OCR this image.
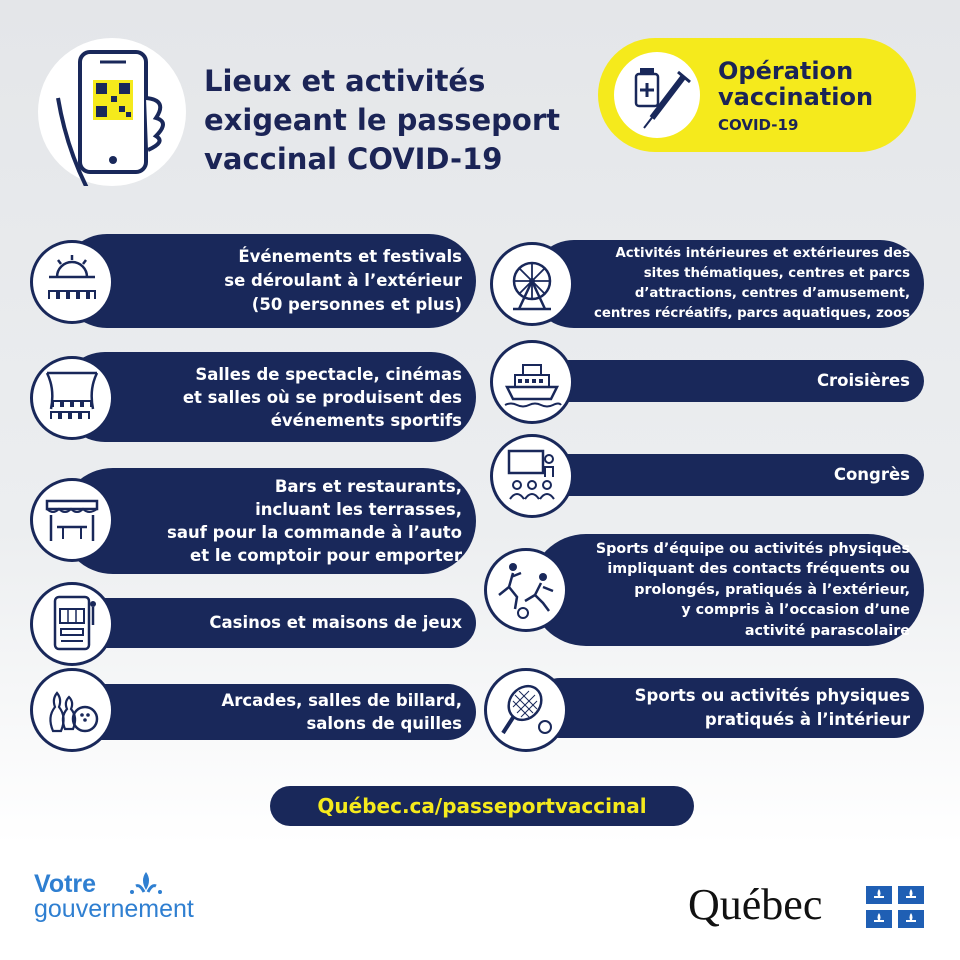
Lieux et activités
exigeant le passeport
vaccinal COVID-19
Opération
vaccination
COVID-19
Événements et festivals
se déroulant à l’extérieur
(50 personnes et plus)
Salles de spectacle, cinémas
et salles où se produisent des
événements sportifs
Bars et restaurants,
incluant les terrasses,
sauf pour la commande à l’auto
et le comptoir pour emporter
Casinos et maisons de jeux
Arcades, salles de billard,
salons de quilles
Activités intérieures et extérieures des
sites thématiques, centres et parcs
d’attractions, centres d’amusement,
centres récréatifs, parcs aquatiques, zoos
Croisières
Congrès
Sports d’équipe ou activités physiques
impliquant des contacts fréquents ou
prolongés, pratiqués à l’extérieur,
y compris à l’occasion d’une
activité parascolaire
Sports ou activités physiques
pratiqués à l’intérieur
Québec.ca/passeportvaccinal
Votre
gouvernement	Québec
